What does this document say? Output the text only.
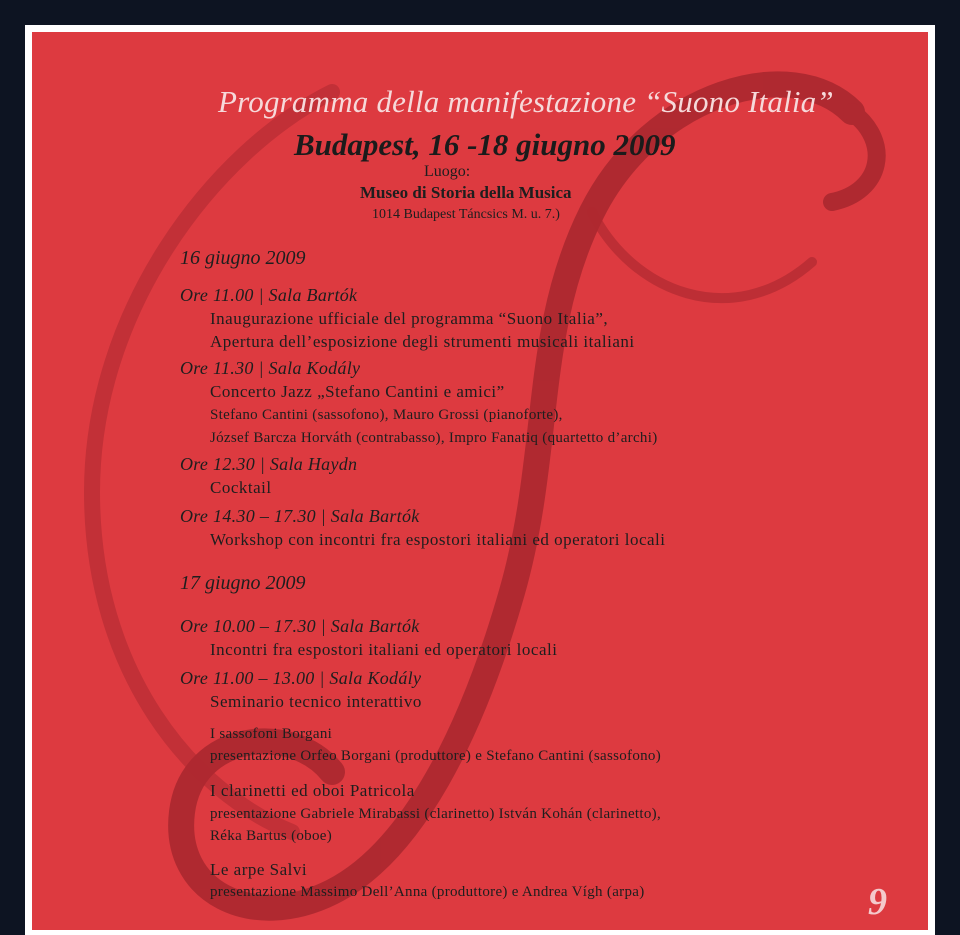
Programma della manifestazione “Suono Italia”
Budapest, 16 -18 giugno 2009
Luogo:
Museo di Storia della Musica
1014 Budapest Táncsics M. u. 7.)
16 giugno 2009
Ore 11.00 | Sala Bartók
Inaugurazione ufficiale del programma “Suono Italia”,
Apertura dell’esposizione degli strumenti musicali italiani
Ore 11.30 | Sala Kodály
Concerto Jazz „Stefano Cantini e amici”
Stefano Cantini (sassofono), Mauro Grossi (pianoforte),
József Barcza Horváth (contrabasso), Impro Fanatiq (quartetto d’archi)
Ore 12.30 | Sala Haydn
Cocktail
Ore 14.30 – 17.30 | Sala Bartók
Workshop con incontri fra espostori italiani ed operatori locali
17 giugno 2009
Ore 10.00 – 17.30 | Sala Bartók
Incontri fra espostori italiani ed operatori locali
Ore 11.00 – 13.00 | Sala Kodály
Seminario tecnico interattivo
I sassofoni Borgani
presentazione Orfeo Borgani (produttore) e Stefano Cantini (sassofono)
I clarinetti ed oboi Patricola
presentazione Gabriele Mirabassi (clarinetto) István Kohán (clarinetto),
Réka Bartus (oboe)
Le arpe Salvi
presentazione Massimo Dell’Anna (produttore) e Andrea Vígh (arpa)	9
